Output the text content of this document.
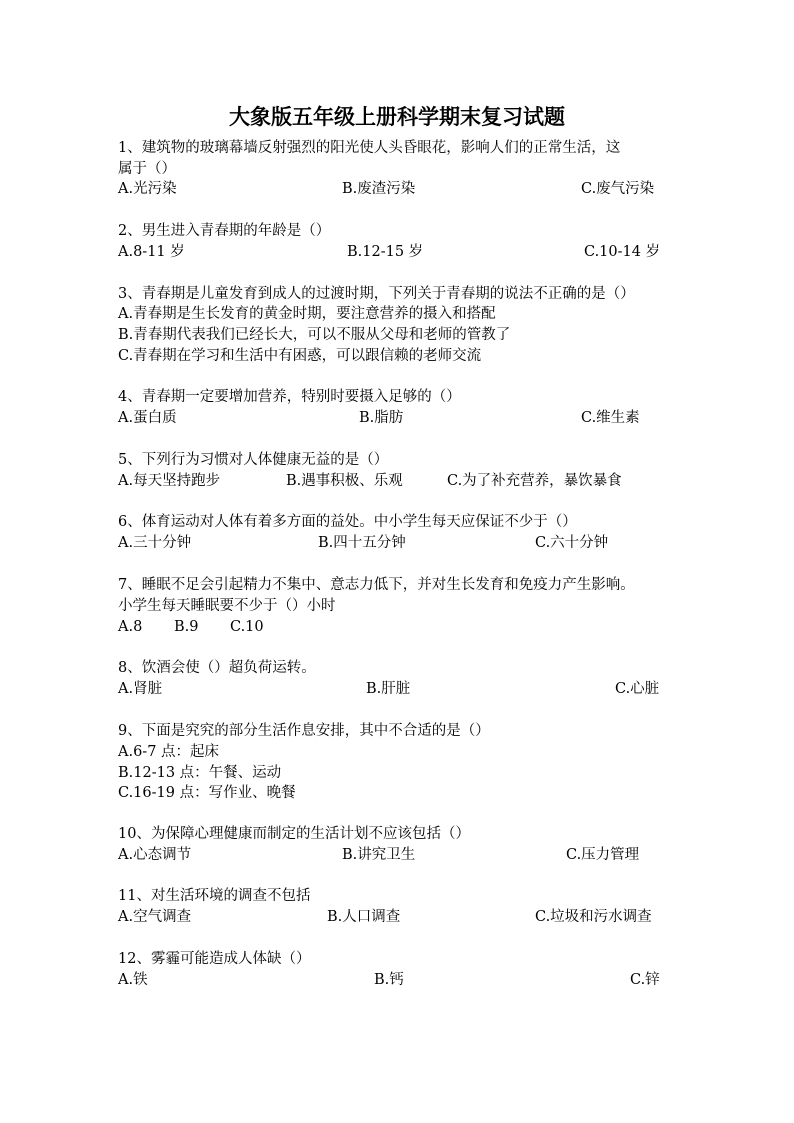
大象版五年级上册科学期末复习试题
1、建筑物的玻璃幕墙反射强烈的阳光使人头昏眼花，影响人们的正常生活，这
属于（）
A.光污染	B.废渣污染	C.废气污染
2、男生进入青春期的年龄是（）
A.8-11 岁	B.12-15 岁	C.10-14 岁
3、青春期是儿童发育到成人的过渡时期，下列关于青春期的说法不正确的是（）
A.青春期是生长发育的黄金时期，要注意营养的摄入和搭配
B.青春期代表我们已经长大，可以不服从父母和老师的管教了
C.青春期在学习和生活中有困惑，可以跟信赖的老师交流
4、青春期一定要增加营养，特别时要摄入足够的（）
A.蛋白质	B.脂肪	C.维生素
5、下列行为习惯对人体健康无益的是（）
A.每天坚持跑步	B.遇事积极、乐观	C.为了补充营养，暴饮暴食
6、体育运动对人体有着多方面的益处。中小学生每天应保证不少于（）
A.三十分钟	B.四十五分钟	C.六十分钟
7、睡眠不足会引起精力不集中、意志力低下，并对生长发育和免疫力产生影响。
小学生每天睡眠要不少于（）小时
A.8 B.9 C.10
8、饮酒会使（）超负荷运转。
A.肾脏	B.肝脏	C.心脏
9、下面是究究的部分生活作息安排，其中不合适的是（）
A.6-7 点：起床
B.12-13 点：午餐、运动
C.16-19 点：写作业、晚餐
10、为保障心理健康而制定的生活计划不应该包括（）
A.心态调节	B.讲究卫生	C.压力管理
11、对生活环境的调查不包括
A.空气调查	B.人口调查	C.垃圾和污水调查
12、雾霾可能造成人体缺（）
A.铁	B.钙	C.锌
